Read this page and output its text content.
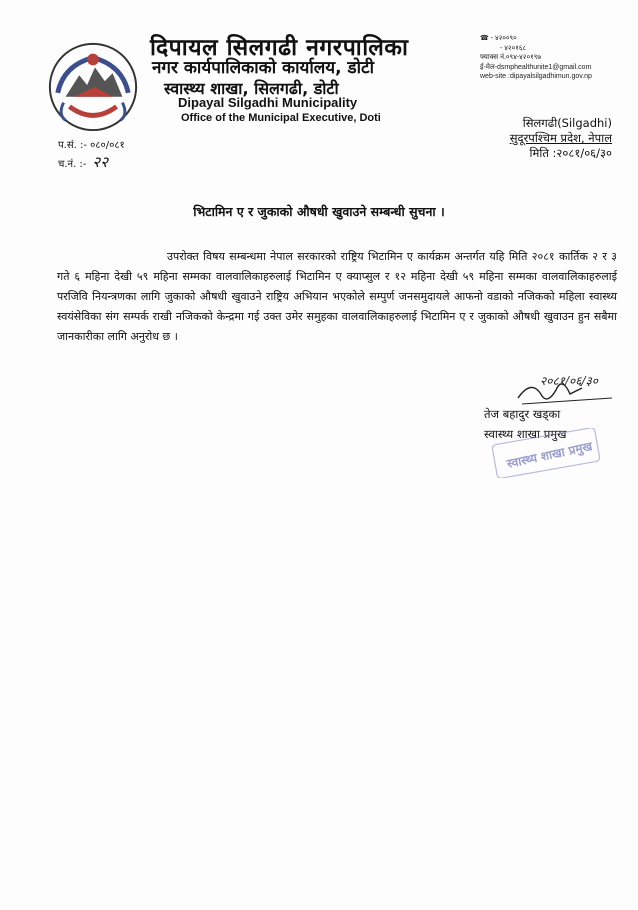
दिपायल सिलगढी नगरपालिका
नगर कार्यपालिकाको कार्यालय, डोटी
स्वास्थ्य शाखा, सिलगढी, डोटी
Dipayal Silgadhi Municipality
Office of the Municipal Executive, Doti
☎ - ४२००९०
- ४२०१६८
फ्याक्स नं.०९४-४२०१९७
ई-मेल-dsmphealthunite1@gmail.com
web-site :dipayalsilgadhimun.gov.np
प.सं. :- ०८०/०८१
च.नं. :- २२
सिलगढी(Silgadhi)
सुदूरपश्चिम प्रदेश, नेपाल
मिति :२०८१/०६/३०
भिटामिन ए र जुकाको औषधी खुवाउने सम्बन्धी सुचना ।
उपरोक्त विषय सम्बन्धमा नेपाल सरकारको राष्ट्रिय भिटामिन ए कार्यक्रम अन्तर्गत यहि मिति २०८१ कार्तिक २ र ३ गते ६ महिना देखी ५९ महिना सम्मका वालवालिकाहरुलाई भिटामिन ए क्याप्सुल र १२ महिना देखी ५९ महिना सम्मका वालवालिकाहरुलाई परजिवि नियन्त्रणका लागि जुकाको औषधी खुवाउने राष्ट्रिय अभियान भएकोले सम्पुर्ण जनसमुदायले आफनो वडाको नजिकको महिला स्वास्थ्य स्वयंसेविका संग सम्पर्क राखी नजिकको केन्द्रमा गई उक्त उमेर समुहका वालवालिकाहरुलाई भिटामिन ए र जुकाको औषधी खुवाउन हुन सबैमा जानकारीका लागि अनुरोध छ ।
२०८१/०६/३०
तेज बहादुर खड्का
स्वास्थ्य शाखा प्रमुख
स्वास्थ्य शाखा प्रमुख
